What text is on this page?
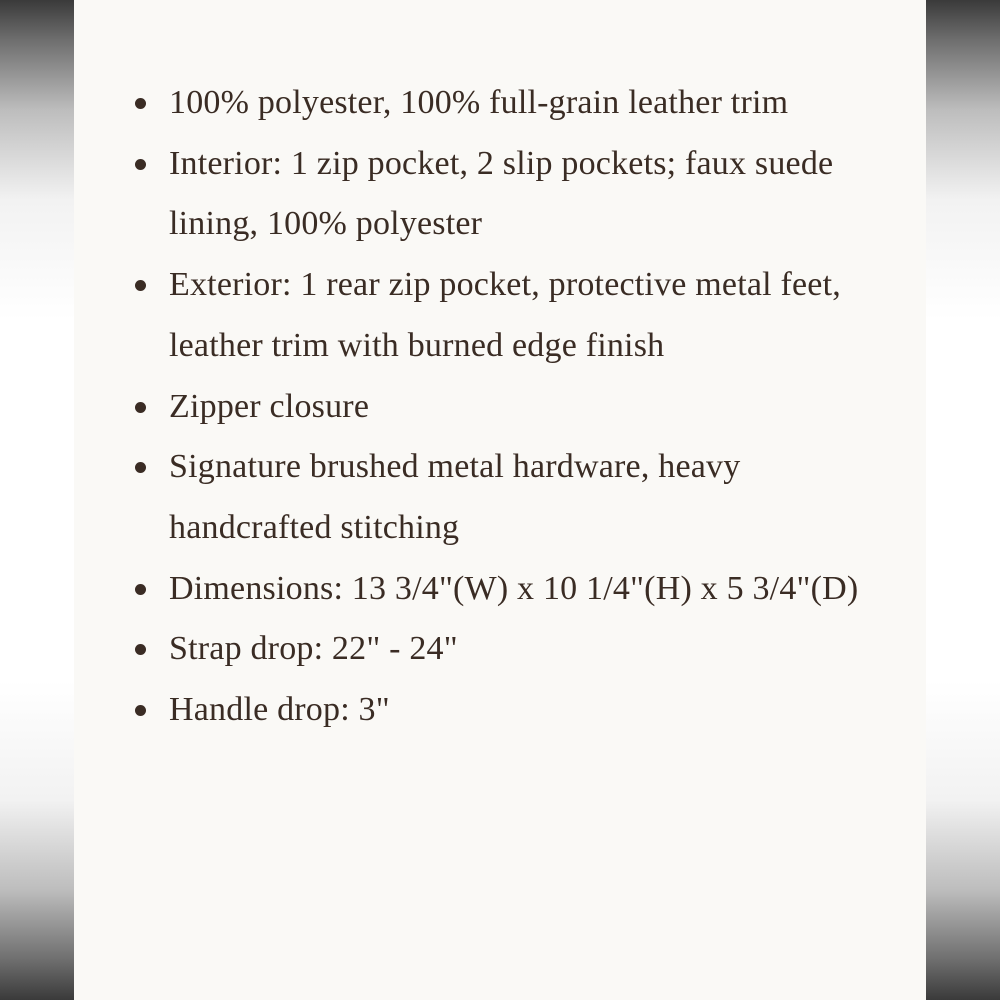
100% polyester, 100% full-grain leather trim
Interior: 1 zip pocket, 2 slip pockets; faux suede lining, 100% polyester
Exterior: 1 rear zip pocket, protective metal feet, leather trim with burned edge finish
Zipper closure
Signature brushed metal hardware, heavy handcrafted stitching
Dimensions: 13 3/4"(W) x 10 1/4"(H) x 5 3/4"(D)
Strap drop: 22" - 24"
Handle drop: 3"
